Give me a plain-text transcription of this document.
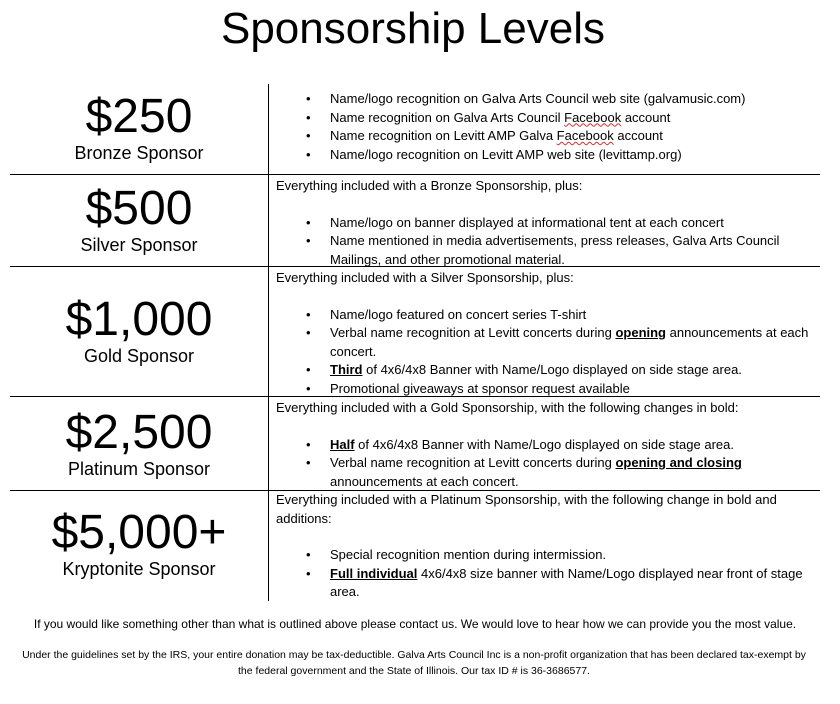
Sponsorship Levels
$250
Bronze Sponsor
• Name/logo recognition on Galva Arts Council web site (galvamusic.com)
• Name recognition on Galva Arts Council Facebook account
• Name recognition on Levitt AMP Galva Facebook account
• Name/logo recognition on Levitt AMP web site (levittamp.org)
$500
Silver Sponsor

Everything included with a Bronze Sponsorship, plus:

• Name/logo on banner displayed at informational tent at each concert
• Name mentioned in media advertisements, press releases, Galva Arts Council Mailings, and other promotional material.
$1,000
Gold Sponsor

Everything included with a Silver Sponsorship, plus:

• Name/logo featured on concert series T-shirt
• Verbal name recognition at Levitt concerts during opening announcements at each concert.
• Third of 4x6/4x8 Banner with Name/Logo displayed on side stage area.
• Promotional giveaways at sponsor request available
$2,500
Platinum Sponsor

Everything included with a Gold Sponsorship, with the following changes in bold:

• Half of 4x6/4x8 Banner with Name/Logo displayed on side stage area.
• Verbal name recognition at Levitt concerts during opening and closing announcements at each concert.
$5,000+
Kryptonite Sponsor

Everything included with a Platinum Sponsorship, with the following change in bold and additions:

• Special recognition mention during intermission.
• Full individual 4x6/4x8 size banner with Name/Logo displayed near front of stage area.
If you would like something other than what is outlined above please contact us. We would love to hear how we can provide you the most value.
Under the guidelines set by the IRS, your entire donation may be tax-deductible. Galva Arts Council Inc is a non-profit organization that has been declared tax-exempt by the federal government and the State of Illinois. Our tax ID # is 36-3686577.
